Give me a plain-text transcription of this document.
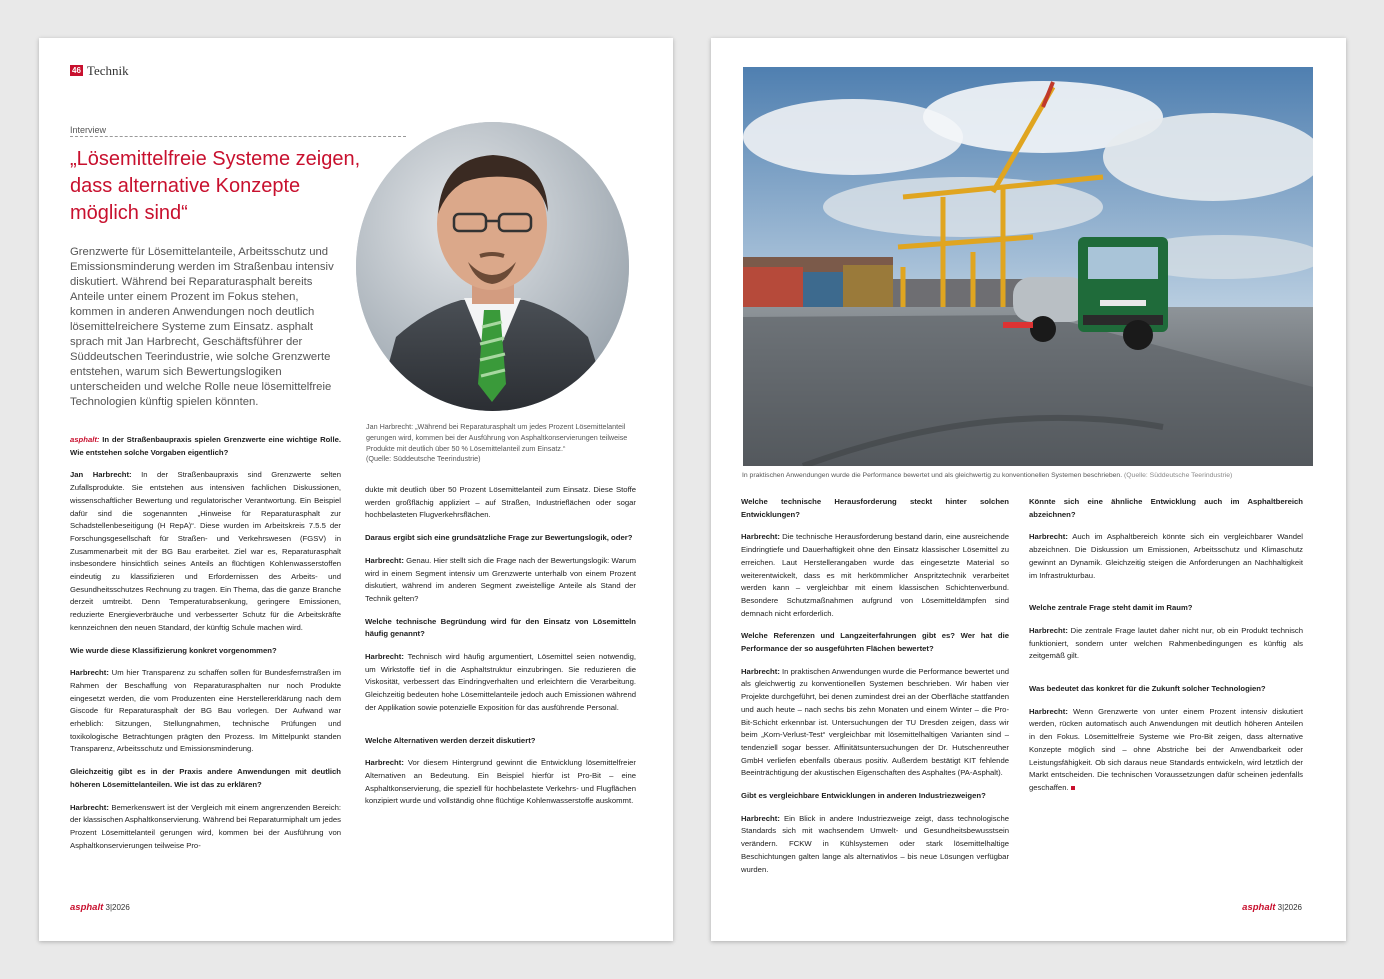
46 Technik
Interview
„Lösemittelfreie Systeme zeigen, dass alternative Konzepte möglich sind“

Grenzwerte für Lösemittelanteile, Arbeitsschutz und Emissionsminderung werden im Straßenbau intensiv diskutiert. Während bei Reparaturasphalt bereits Anteile unter einem Prozent im Fokus stehen, kommen in anderen Anwendungen noch deutlich lösemittelreichere Systeme zum Einsatz. asphalt sprach mit Jan Harbrecht, Geschäftsführer der Süddeutschen Teerindustrie, wie solche Grenzwerte entstehen, warum sich Bewertungslogiken unterscheiden und welche Rolle neue lösemittelfreie Technologien künftig spielen könnten.

Jan Harbrecht: „Während bei Reparaturasphalt um jedes Prozent Lösemittelanteil gerungen wird, kommen bei der Ausführung von Asphaltkonservierungen teilweise Produkte mit deutlich über 50 % Lösemittelanteil zum Einsatz.“
(Quelle: Süddeutsche Teerindustrie)

asphalt: In der Straßenbaupraxis spielen Grenzwerte eine wichtige Rolle. Wie entstehen solche Vorgaben eigentlich?

Jan Harbrecht: In der Straßenbaupraxis sind Grenzwerte selten Zufallsprodukte. Sie entstehen aus intensiven fachlichen Diskussionen, wissenschaftlicher Bewertung und regulatorischer Verantwortung. Ein Beispiel dafür sind die sogenannten „Hinweise für Reparaturasphalt zur Schadstellenbeseitigung (H RepA)“. Diese wurden im Arbeitskreis 7.5.5 der Forschungsgesellschaft für Straßen- und Verkehrswesen (FGSV) in Zusammenarbeit mit der BG Bau erarbeitet. Ziel war es, Reparaturasphalt insbesondere hinsichtlich seines Anteils an flüchtigen Kohlenwasserstoffen eindeutig zu klassifizieren und Erfordernissen des Arbeits- und Gesundheitsschutzes Rechnung zu tragen. Ein Thema, das die ganze Branche derzeit umtreibt. Denn Temperaturabsenkung, geringere Emissionen, reduzierte Energieverbräuche und verbesserter Schutz für die Arbeitskräfte kennzeichnen den neuen Standard, der künftig Schule machen wird.

Wie wurde diese Klassifizierung konkret vorgenommen?

Harbrecht: Um hier Transparenz zu schaffen sollen für Bundesfernstraßen im Rahmen der Beschaffung von Reparaturasphalten nur noch Produkte eingesetzt werden, die vom Produzenten eine Herstellererklärung nach dem Giscode für Reparaturasphalt der BG Bau vorlegen. Der Aufwand war erheblich: Sitzungen, Stellungnahmen, technische Prüfungen und toxikologische Betrachtungen prägten den Prozess. Im Mittelpunkt standen Transparenz, Arbeitsschutz und Emissionsminderung.

Gleichzeitig gibt es in der Praxis andere Anwendungen mit deutlich höheren Lösemittelanteilen. Wie ist das zu erklären?

Harbrecht: Bemerkenswert ist der Vergleich mit einem angrenzenden Bereich: der klassischen Asphaltkonservierung. Während bei Reparaturmiphalt um jedes Prozent Lösemittelanteil gerungen wird, kommen bei der Ausführung von Asphaltkonservierungen teilweise Pro-

dukte mit deutlich über 50 Prozent Lösemittelanteil zum Einsatz. Diese Stoffe werden großflächig appliziert – auf Straßen, Industrieflächen oder sogar hochbelasteten Flugverkehrsflächen.

Daraus ergibt sich eine grundsätzliche Frage zur Bewertungslogik, oder?

Harbrecht: Genau. Hier stellt sich die Frage nach der Bewertungslogik: Warum wird in einem Segment intensiv um Grenzwerte unterhalb von einem Prozent diskutiert, während im anderen Segment zweistellige Anteile als Stand der Technik gelten?

Welche technische Begründung wird für den Einsatz von Lösemitteln häufig genannt?

Harbrecht: Technisch wird häufig argumentiert, Lösemittel seien notwendig, um Wirkstoffe tief in die Asphaltstruktur einzubringen. Sie reduzieren die Viskosität, verbessert das Eindringverhalten und erleichtern die Verarbeitung. Gleichzeitig bedeuten hohe Lösemittelanteile jedoch auch Emissionen während der Applikation sowie potenzielle Exposition für das ausführende Personal.

Welche Alternativen werden derzeit diskutiert?

Harbrecht: Vor diesem Hintergrund gewinnt die Entwicklung lösemittelfreier Alternativen an Bedeutung. Ein Beispiel hierfür ist Pro-Bit – eine Asphaltkonservierung, die speziell für hochbelastete Verkehrs- und Flugflächen konzipiert wurde und vollständig ohne flüchtige Kohlenwasserstoffe auskommt.

asphalt 3|2026
In praktischen Anwendungen wurde die Performance bewertet und als gleichwertig zu konventionellen Systemen beschrieben. (Quelle: Süddeutsche Teerindustrie)

Welche technische Herausforderung steckt hinter solchen Entwicklungen?

Harbrecht: Die technische Herausforderung bestand darin, eine ausreichende Eindringtiefe und Dauerhaftigkeit ohne den Einsatz klassischer Lösemittel zu erreichen. Laut Herstellerangaben wurde das eingesetzte Material so weiterentwickelt, dass es mit herkömmlicher Anspritztechnik verarbeitet werden kann – vergleichbar mit einem klassischen Schichtenverbund. Besondere Schutzmaßnahmen aufgrund von Lösemitteldämpfen sind demnach nicht erforderlich.

Welche Referenzen und Langzeiterfahrungen gibt es? Wer hat die Performance der so ausgeführten Flächen bewertet?

Harbrecht: In praktischen Anwendungen wurde die Performance bewertet und als gleichwertig zu konventionellen Systemen beschrieben. Wir haben vier Projekte durchgeführt, bei denen zumindest drei an der Oberfläche stattfanden und auch heute – nach sechs bis zehn Monaten und einem Winter – die Pro-Bit-Schicht erkennbar ist. Untersuchungen der TU Dresden zeigen, dass wir beim „Korn-Verlust-Test“ vergleichbar mit lösemittelhaltigen Varianten sind – tendenziell sogar besser. Affinitätsuntersuchungen der Dr. Hutschenreuther GmbH verliefen ebenfalls überaus positiv. Außerdem bestätigt KIT fehlende Beeinträchtigung der akustischen Eigenschaften des Asphaltes (PA-Asphalt).

Gibt es vergleichbare Entwicklungen in anderen Industriezweigen?

Harbrecht: Ein Blick in andere Industriezweige zeigt, dass technologische Standards sich mit wachsendem Umwelt- und Gesundheitsbewusstsein verändern. FCKW in Kühlsystemen oder stark lösemittelhaltige Beschichtungen galten lange als alternativlos – bis neue Lösungen verfügbar wurden.

Könnte sich eine ähnliche Entwicklung auch im Asphaltbereich abzeichnen?

Harbrecht: Auch im Asphaltbereich könnte sich ein vergleichbarer Wandel abzeichnen. Die Diskussion um Emissionen, Arbeitsschutz und Klimaschutz gewinnt an Dynamik. Gleichzeitig steigen die Anforderungen an Nachhaltigkeit im Infrastrukturbau.

Welche zentrale Frage steht damit im Raum?

Harbrecht: Die zentrale Frage lautet daher nicht nur, ob ein Produkt technisch funktioniert, sondern unter welchen Rahmenbedingungen es künftig als zeitgemäß gilt.

Was bedeutet das konkret für die Zukunft solcher Technologien?

Harbrecht: Wenn Grenzwerte von unter einem Prozent intensiv diskutiert werden, rücken automatisch auch Anwendungen mit deutlich höheren Anteilen in den Fokus. Lösemittelfreie Systeme wie Pro-Bit zeigen, dass alternative Konzepte möglich sind – ohne Abstriche bei der Anwendbarkeit oder Leistungsfähigkeit. Ob sich daraus neue Standards entwickeln, wird letztlich der Markt entscheiden. Die technischen Voraussetzungen dafür scheinen jedenfalls geschaffen.

asphalt 3|2026
